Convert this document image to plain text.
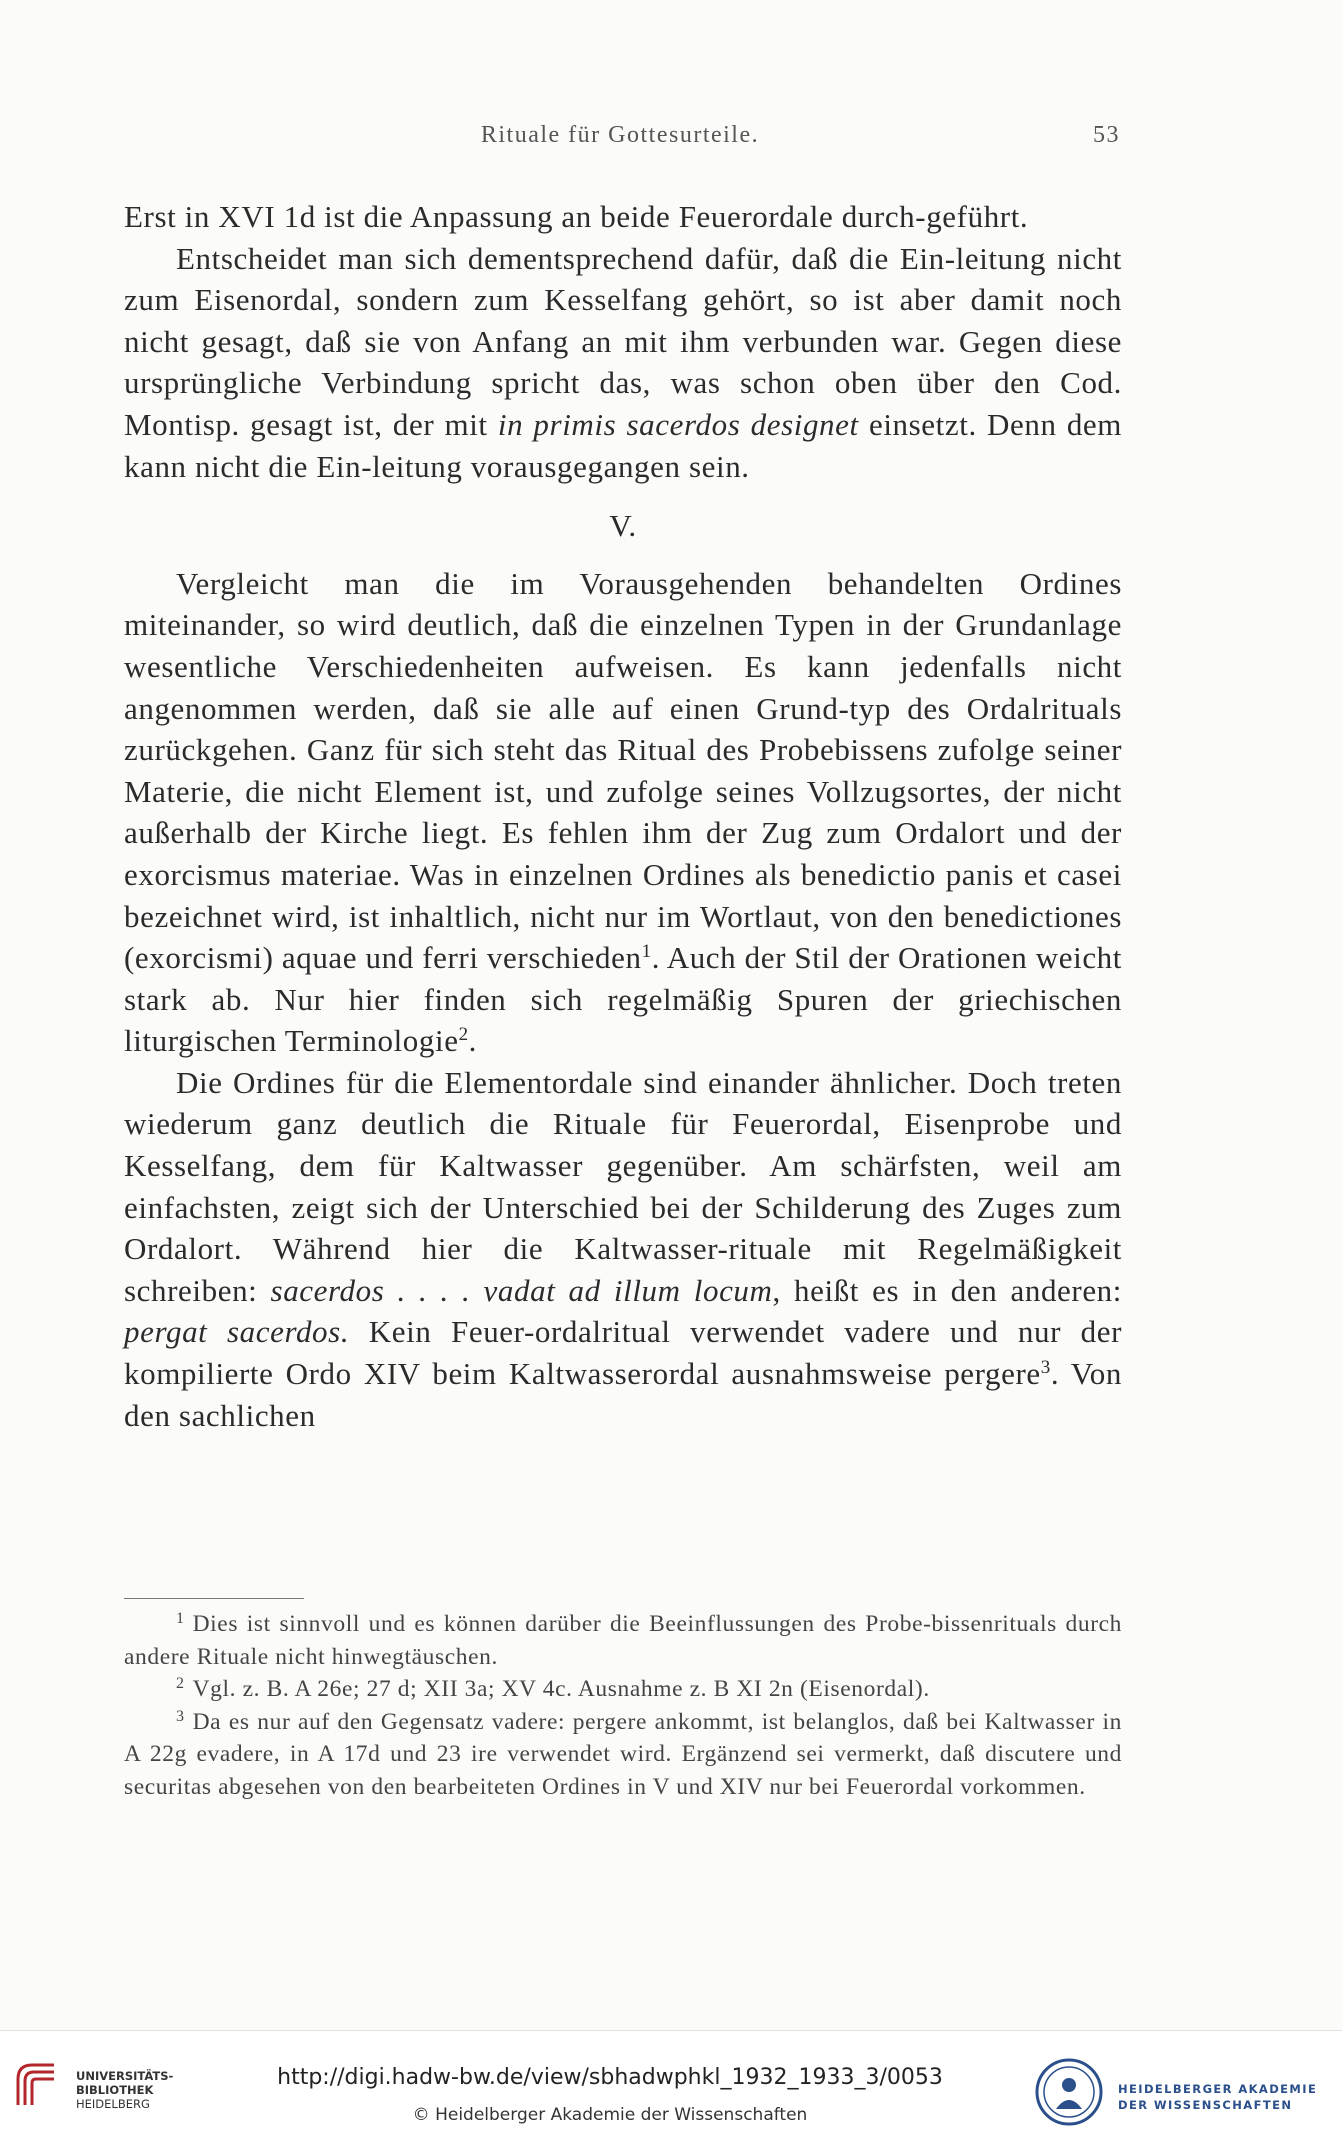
Rituale für Gottesurteile.	53

Erst in XVI 1d ist die Anpassung an beide Feuerordale durch-geführt.

Entscheidet man sich dementsprechend dafür, daß die Ein-leitung nicht zum Eisenordal, sondern zum Kesselfang gehört, so ist aber damit noch nicht gesagt, daß sie von Anfang an mit ihm verbunden war. Gegen diese ursprüngliche Verbindung spricht das, was schon oben über den Cod. Montisp. gesagt ist, der mit in primis sacerdos designet einsetzt. Denn dem kann nicht die Ein-leitung vorausgegangen sein.

V.

Vergleicht man die im Vorausgehenden behandelten Ordines miteinander, so wird deutlich, daß die einzelnen Typen in der Grundanlage wesentliche Verschiedenheiten aufweisen. Es kann jedenfalls nicht angenommen werden, daß sie alle auf einen Grund-typ des Ordalrituals zurückgehen. Ganz für sich steht das Ritual des Probebissens zufolge seiner Materie, die nicht Element ist, und zufolge seines Vollzugsortes, der nicht außerhalb der Kirche liegt. Es fehlen ihm der Zug zum Ordalort und der exorcismus materiae. Was in einzelnen Ordines als benedictio panis et casei bezeichnet wird, ist inhaltlich, nicht nur im Wortlaut, von den benedictiones (exorcismi) aquae und ferri verschieden$^1$. Auch der Stil der Orationen weicht stark ab. Nur hier finden sich regelmäßig Spuren der griechischen liturgischen Terminologie$^2$.

Die Ordines für die Elementordale sind einander ähnlicher. Doch treten wiederum ganz deutlich die Rituale für Feuerordal, Eisenprobe und Kesselfang, dem für Kaltwasser gegenüber. Am schärfsten, weil am einfachsten, zeigt sich der Unterschied bei der Schilderung des Zuges zum Ordalort. Während hier die Kaltwasser-rituale mit Regelmäßigkeit schreiben: sacerdos . . . . vadat ad illum locum, heißt es in den anderen: pergat sacerdos. Kein Feuer-ordalritual verwendet vadere und nur der kompilierte Ordo XIV beim Kaltwasserordal ausnahmsweise pergere$^3$. Von den sachlichen

$^1$ Dies ist sinnvoll und es können darüber die Beeinflussungen des Probe-bissenrituals durch andere Rituale nicht hinwegtäuschen.

$^2$ Vgl. z. B. A 26e; 27 d; XII 3a; XV 4c. Ausnahme z. B XI 2n (Eisenordal).

$^3$ Da es nur auf den Gegensatz vadere: pergere ankommt, ist belanglos, daß bei Kaltwasser in A 22g evadere, in A 17d und 23 ire verwendet wird. Ergänzend sei vermerkt, daß discutere und securitas abgesehen von den bearbeiteten Ordines in V und XIV nur bei Feuerordal vorkommen.

UNIVERSITÄTS-
BIBLIOTHEK
HEIDELBERG
http://digi.hadw-bw.de/view/sbhadwphkl_1932_1933_3/0053
© Heidelberger Akademie der Wissenschaften
HEIDELBERGER AKADEMIE
DER WISSENSCHAFTEN
